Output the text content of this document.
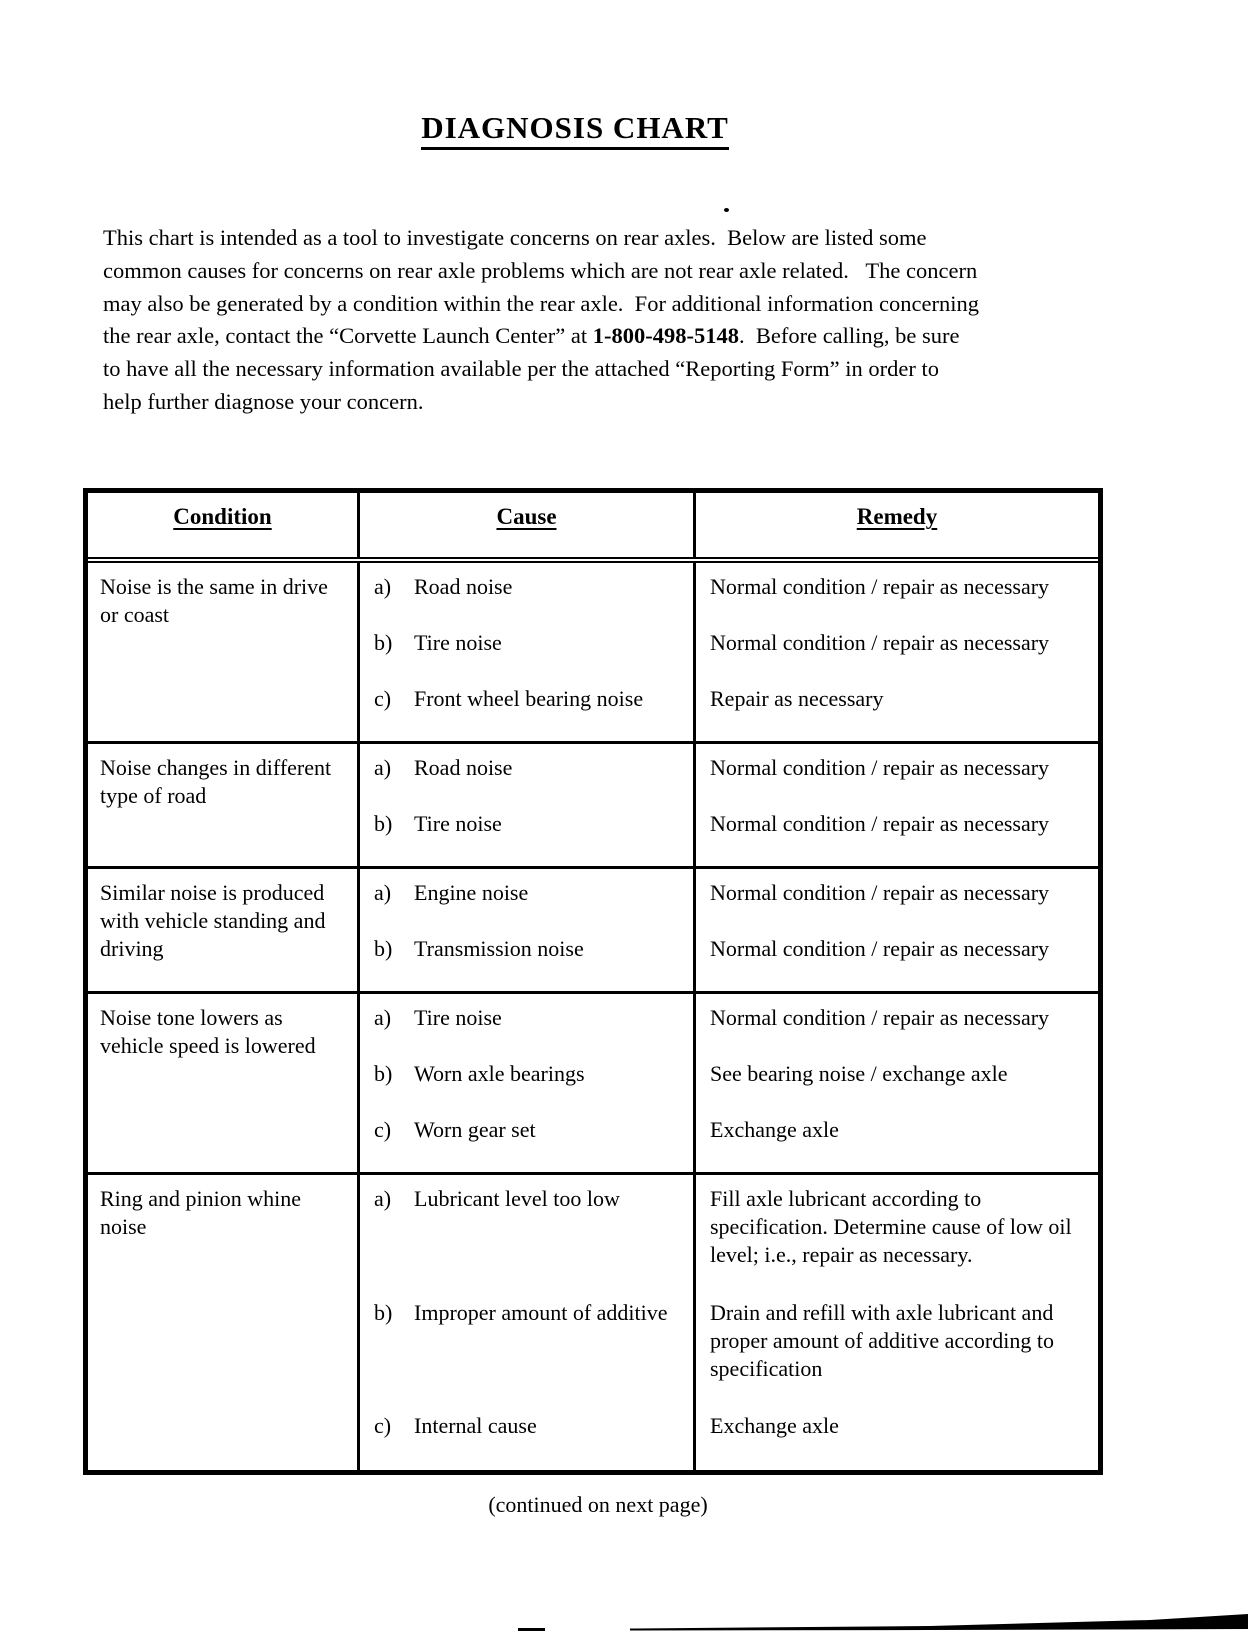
DIAGNOSIS CHART
This chart is intended as a tool to investigate concerns on rear axles.  Below are listed some
common causes for concerns on rear axle problems which are not rear axle related.   The concern
may also be generated by a condition within the rear axle.  For additional information concerning
the rear axle, contact the “Corvette Launch Center” at 1-800-498-5148.  Before calling, be sure
to have all the necessary information available per the attached “Reporting Form” in order to
help further diagnose your concern.
Condition	Cause	Remedy
Noise is the same in drive or coast
a)	Road noise	Normal condition / repair as necessary
b) Tire noise	Normal condition / repair as necessary
c)	Front wheel bearing noise	Repair as necessary
Noise changes in different type of road
a)	Road noise	Normal condition / repair as necessary
b) Tire noise	Normal condition / repair as necessary
Similar noise is produced with vehicle standing and driving
a)	Engine noise	Normal condition / repair as necessary
b) Transmission noise	Normal condition / repair as necessary
Noise tone lowers as vehicle speed is lowered
a)	Tire noise	Normal condition / repair as necessary
b) Worn axle bearings	See bearing noise / exchange axle
c)	Worn gear set	Exchange axle
Ring and pinion whine noise
a)	Lubricant level too low	Fill axle lubricant according to specification. Determine cause of low oil level; i.e., repair as necessary.
b) Improper amount of additive	Drain and refill with axle lubricant and proper amount of additive according to specification
c)	Internal cause	Exchange axle
(continued on next page)
